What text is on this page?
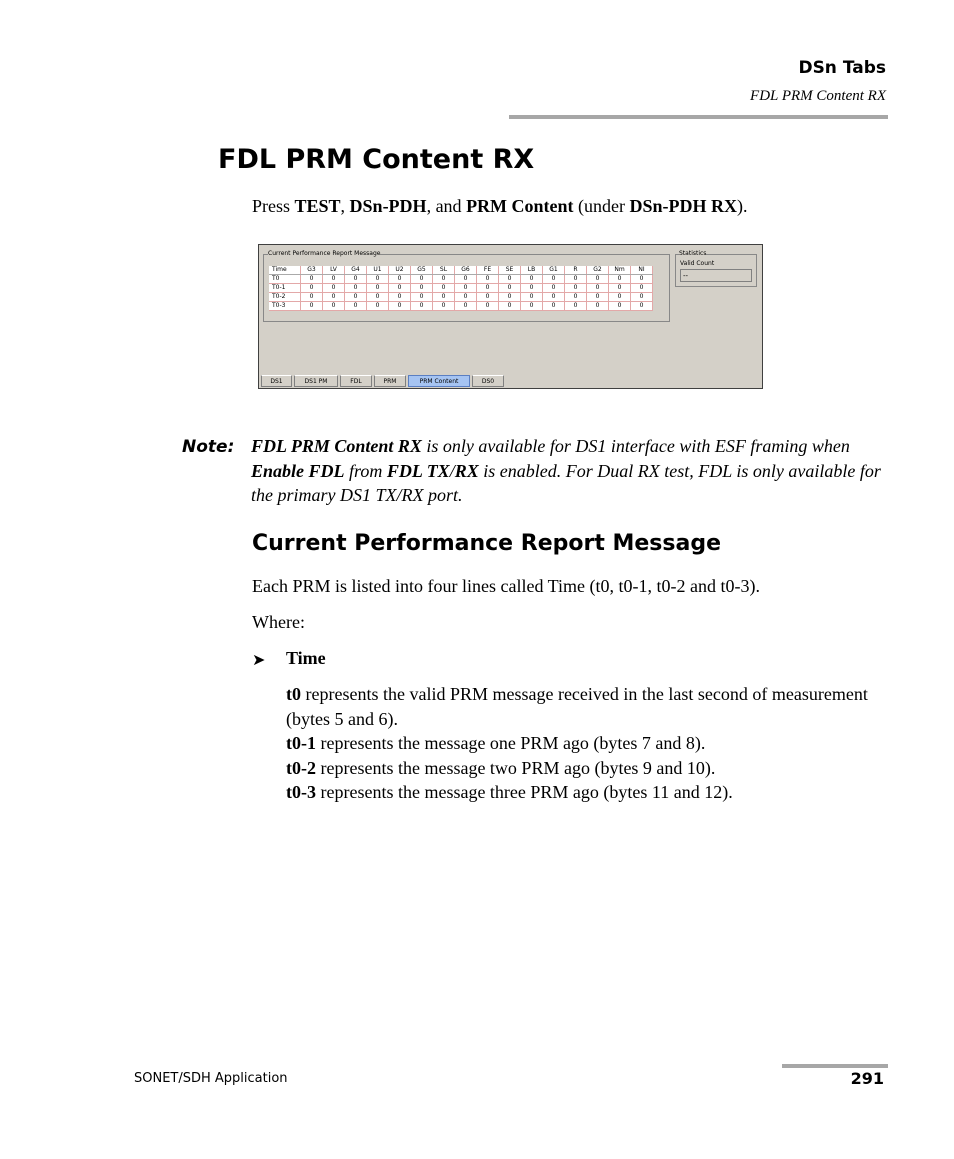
DSn Tabs
FDL PRM Content RX
FDL PRM Content RX

Press TEST, DSn-PDH, and PRM Content (under DSn-PDH RX).

Current Performance Report Message
Time	G3	LV	G4	U1	U2	G5	SL	G6	FE	SE	LB	G1	R	G2	Nm	NI
T0	0	0	0	0	0	0	0	0	0	0	0	0	0	0	0	0
T0-1	0	0	0	0	0	0	0	0	0	0	0	0	0	0	0	0
T0-2	0	0	0	0	0	0	0	0	0	0	0	0	0	0	0	0
T0-3	0	0	0	0	0	0	0	0	0	0	0	0	0	0	0	0
Statistics
Valid Count
--
DS1	DS1 PM	FDL	PRM	PRM Content	DS0
Note: FDL PRM Content RX is only available for DS1 interface with ESF framing when Enable FDL from FDL TX/RX is enabled. For Dual RX test, FDL is only available for the primary DS1 TX/RX port.

Current Performance Report Message

Each PRM is listed into four lines called Time (t0, t0-1, t0-2 and t0-3).

Where:

➤ Time

t0 represents the valid PRM message received in the last second of measurement (bytes 5 and 6).

t0-1 represents the message one PRM ago (bytes 7 and 8).

t0-2 represents the message two PRM ago (bytes 9 and 10).

t0-3 represents the message three PRM ago (bytes 11 and 12).

SONET/SDH Application	291
